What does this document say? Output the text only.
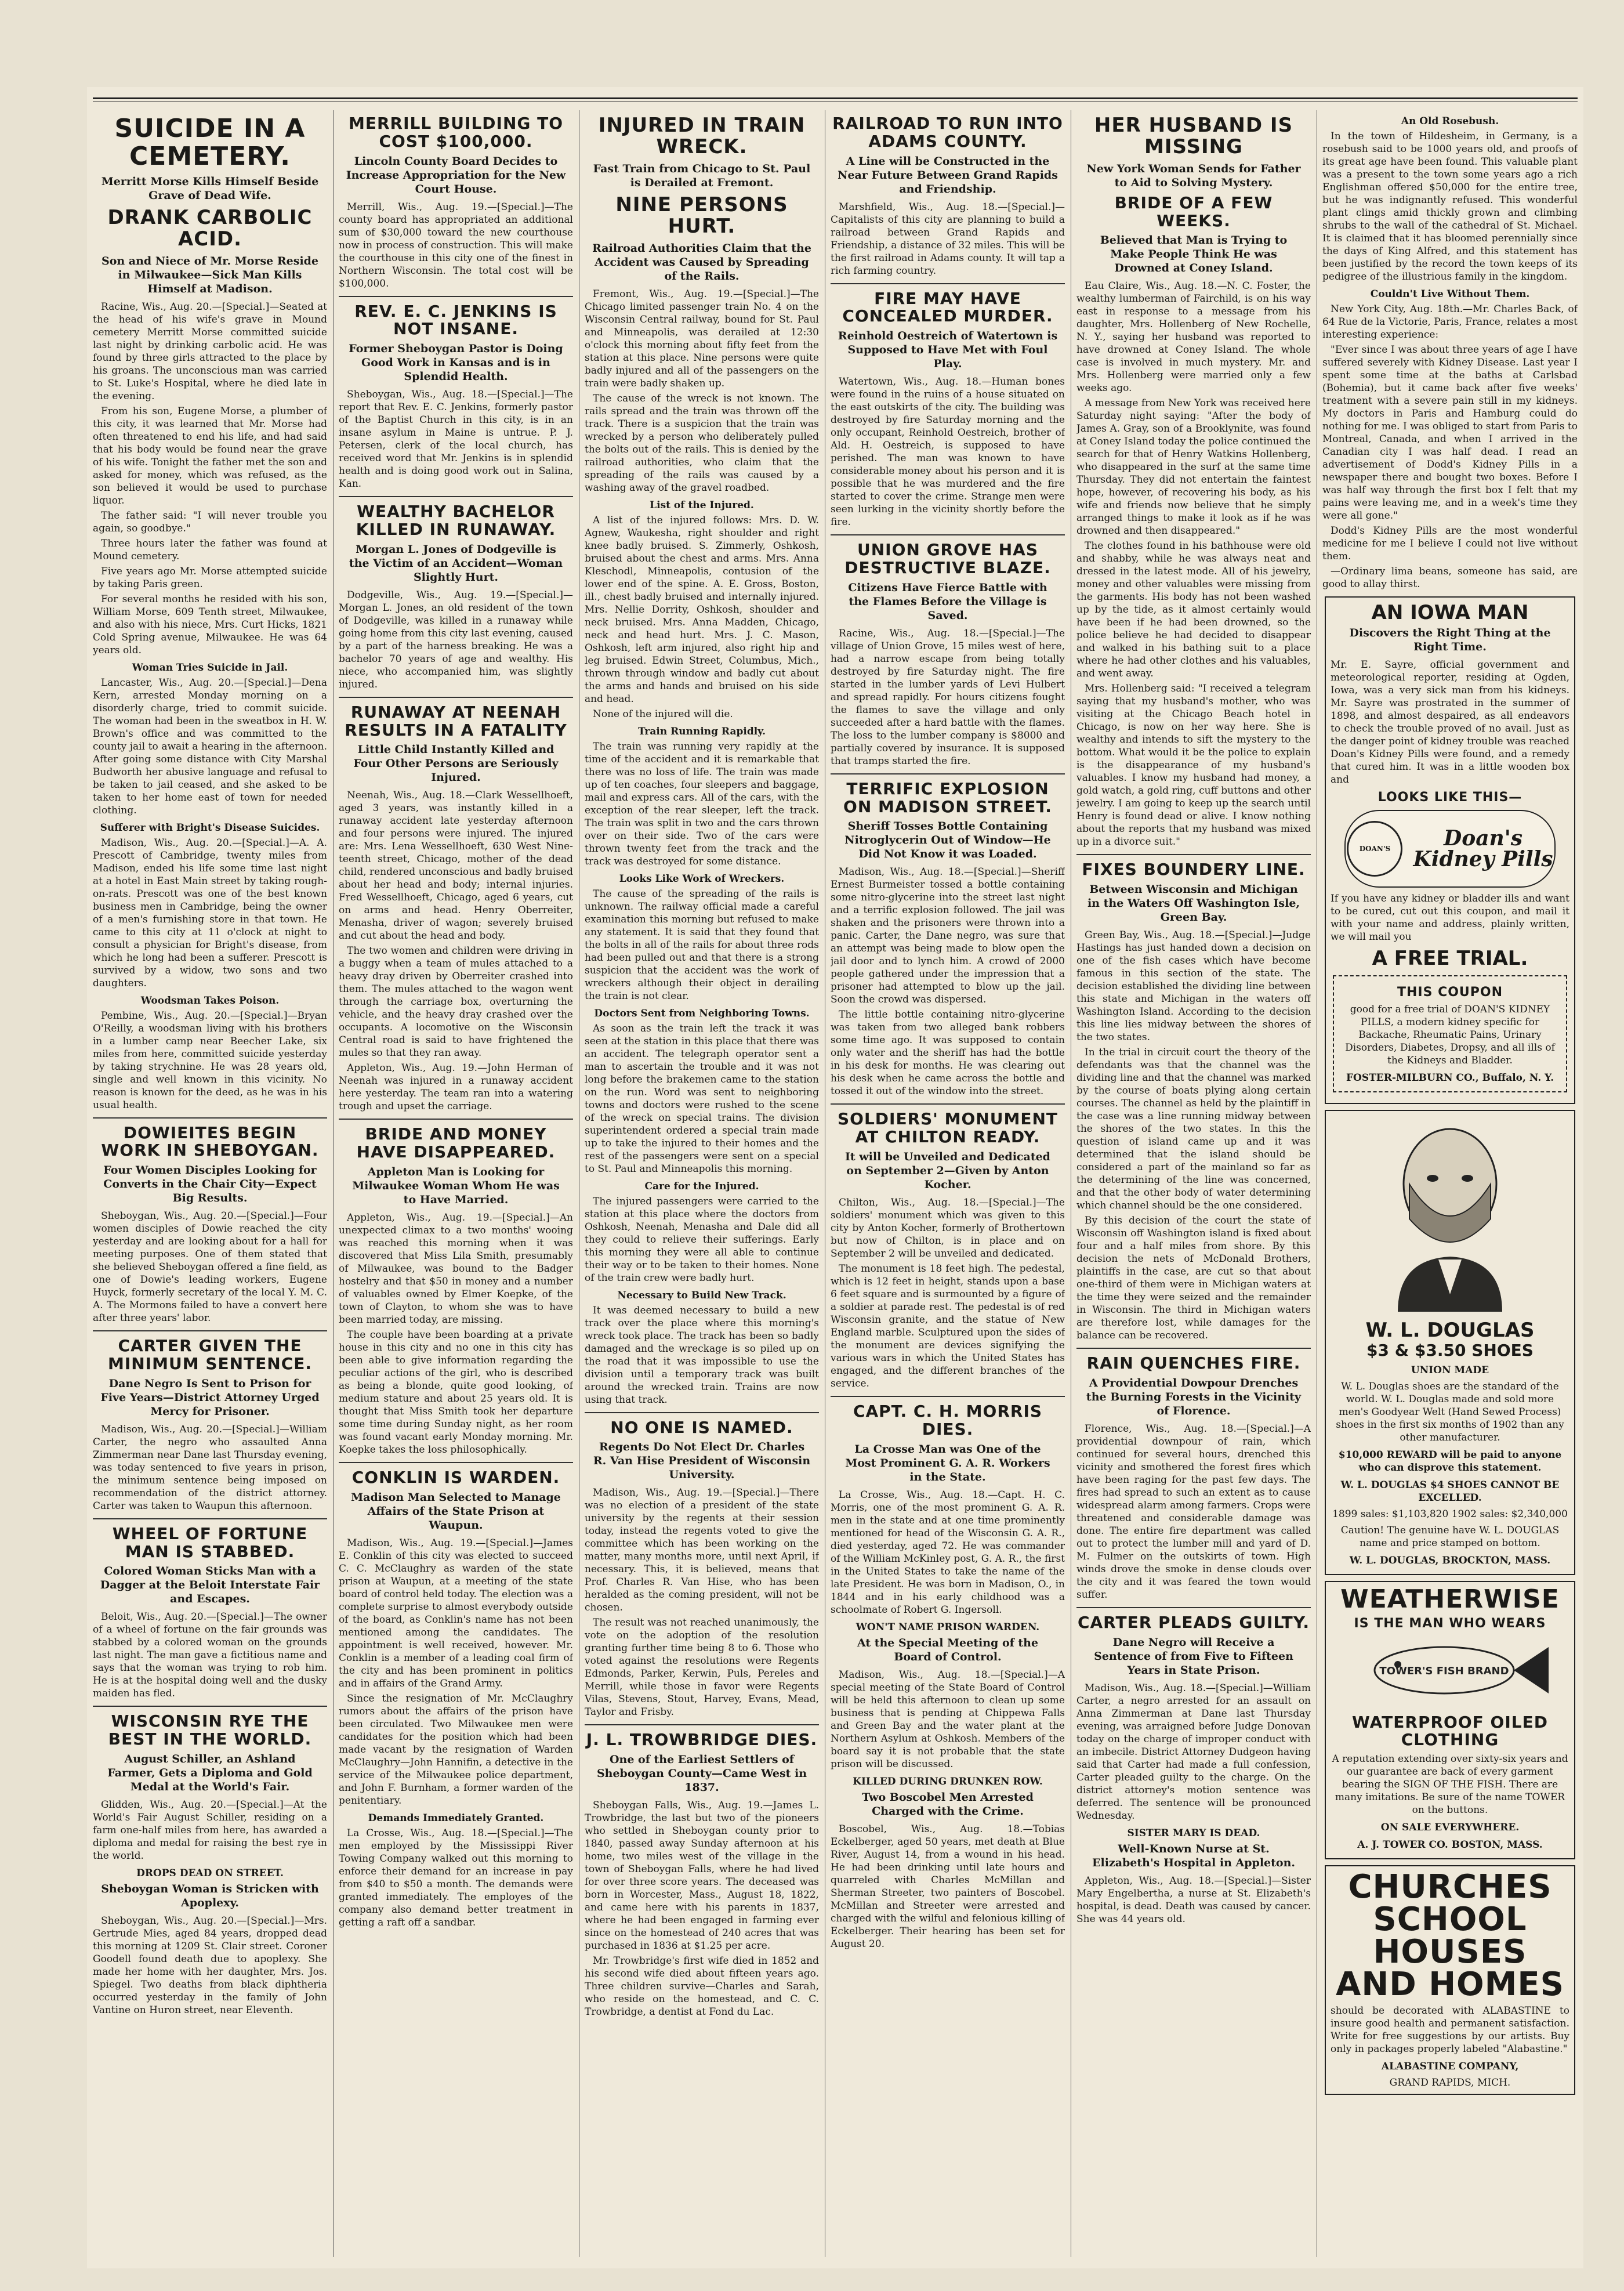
SUICIDE IN A CEMETERY.
Merritt Morse Kills Himself Beside Grave of Dead Wife.
DRANK CARBOLIC ACID.
Son and Niece of Mr. Morse Reside in Milwaukee—Sick Man Kills Himself at Madison.

Racine, Wis., Aug. 20.—[Special.]—Seated at the head of his wife's grave in Mound cemetery Merritt Morse committed suicide last night by drinking carbolic acid. He was found by three girls attracted to the place by his groans. The unconscious man was carried to St. Luke's Hospital, where he died late in the evening.

From his son, Eugene Morse, a plumber of this city, it was learned that Mr. Morse had often threatened to end his life, and had said that his body would be found near the grave of his wife. Tonight the father met the son and asked for money, which was refused, as the son believed it would be used to purchase liquor.

The father said: "I will never trouble you again, so goodbye."

Three hours later the father was found at Mound cemetery.

Five years ago Mr. Morse attempted suicide by taking Paris green.

For several months he resided with his son, William Morse, 609 Tenth street, Milwaukee, and also with his niece, Mrs. Curt Hicks, 1821 Cold Spring avenue, Milwaukee. He was 64 years old.

Woman Tries Suicide in Jail.

Lancaster, Wis., Aug. 20.—[Special.]—Dena Kern, arrested Monday morning on a disorderly charge, tried to commit suicide. The woman had been in the sweatbox in H. W. Brown's office and was committed to the county jail to await a hearing in the afternoon. After going some distance with City Marshal Budworth her abusive language and refusal to be taken to jail ceased, and she asked to be taken to her home east of town for needed clothing.

Sufferer with Bright's Disease Suicides.

Madison, Wis., Aug. 20.—[Special.]—A. A. Prescott of Cambridge, twenty miles from Madison, ended his life some time last night at a hotel in East Main street by taking rough-on-rats. Prescott was one of the best known business men in Cambridge, being the owner of a men's furnishing store in that town. He came to this city at 11 o'clock at night to consult a physician for Bright's disease, from which he long had been a sufferer. Prescott is survived by a widow, two sons and two daughters.

Woodsman Takes Poison.

Pembine, Wis., Aug. 20.—[Special.]—Bryan O'Reilly, a woodsman living with his brothers in a lumber camp near Beecher Lake, six miles from here, committed suicide yesterday by taking strychnine. He was 28 years old, single and well known in this vicinity. No reason is known for the deed, as he was in his usual health.

DOWIEITES BEGIN WORK IN SHEBOYGAN.
Four Women Disciples Looking for Converts in the Chair City—Expect Big Results.

Sheboygan, Wis., Aug. 20.—[Special.]—Four women disciples of Dowie reached the city yesterday and are looking about for a hall for meeting purposes. One of them stated that she believed Sheboygan offered a fine field, as one of Dowie's leading workers, Eugene Huyck, formerly secretary of the local Y. M. C. A. The Mormons failed to have a convert here after three years' labor.

CARTER GIVEN THE MINIMUM SENTENCE.
Dane Negro Is Sent to Prison for Five Years—District Attorney Urged Mercy for Prisoner.

Madison, Wis., Aug. 20.—[Special.]—William Carter, the negro who assaulted Anna Zimmerman near Dane last Thursday evening, was today sentenced to five years in prison, the minimum sentence being imposed on recommendation of the district attorney. Carter was taken to Waupun this afternoon.

WHEEL OF FORTUNE MAN IS STABBED.
Colored Woman Sticks Man with a Dagger at the Beloit Interstate Fair and Escapes.

Beloit, Wis., Aug. 20.—[Special.]—The owner of a wheel of fortune on the fair grounds was stabbed by a colored woman on the grounds last night. The man gave a fictitious name and says that the woman was trying to rob him. He is at the hospital doing well and the dusky maiden has fled.

WISCONSIN RYE THE BEST IN THE WORLD.
August Schiller, an Ashland Farmer, Gets a Diploma and Gold Medal at the World's Fair.

Glidden, Wis., Aug. 20.—[Special.]—At the World's Fair August Schiller, residing on a farm one-half miles from here, has awarded a diploma and medal for raising the best rye in the world.

DROPS DEAD ON STREET.
Sheboygan Woman is Stricken with Apoplexy.

Sheboygan, Wis., Aug. 20.—[Special.]—Mrs. Gertrude Mies, aged 84 years, dropped dead this morning at 1209 St. Clair street. Coroner Goodell found death due to apoplexy. She made her home with her daughter, Mrs. Jos. Spiegel. Two deaths from black diphtheria occurred yesterday in the family of John Vantine on Huron street, near Eleventh.

MERRILL BUILDING TO COST $100,000.
Lincoln County Board Decides to Increase Appropriation for the New Court House.

Merrill, Wis., Aug. 19.—[Special.]—The county board has appropriated an additional sum of $30,000 toward the new courthouse now in process of construction. This will make the courthouse in this city one of the finest in Northern Wisconsin. The total cost will be $100,000.

REV. E. C. JENKINS IS NOT INSANE.
Former Sheboygan Pastor is Doing Good Work in Kansas and is in Splendid Health.

Sheboygan, Wis., Aug. 18.—[Special.]—The report that Rev. E. C. Jenkins, formerly pastor of the Baptist Church in this city, is in an insane asylum in Maine is untrue. P. J. Petersen, clerk of the local church, has received word that Mr. Jenkins is in splendid health and is doing good work out in Salina, Kan.

WEALTHY BACHELOR KILLED IN RUNAWAY.
Morgan L. Jones of Dodgeville is the Victim of an Accident—Woman Slightly Hurt.

Dodgeville, Wis., Aug. 19.—[Special.]—Morgan L. Jones, an old resident of the town of Dodgeville, was killed in a runaway while going home from this city last evening, caused by a part of the harness breaking. He was a bachelor 70 years of age and wealthy. His niece, who accompanied him, was slightly injured.

RUNAWAY AT NEENAH RESULTS IN A FATALITY
Little Child Instantly Killed and Four Other Persons are Seriously Injured.

Neenah, Wis., Aug. 18.—Clark Wessellhoeft, aged 3 years, was instantly killed in a runaway accident late yesterday afternoon and four persons were injured. The injured are: Mrs. Lena Wessellhoeft, 630 West Nine-teenth street, Chicago, mother of the dead child, rendered unconscious and badly bruised about her head and body; internal injuries. Fred Wessellhoeft, Chicago, aged 6 years, cut on arms and head. Henry Oberreiter, Menasha, driver of wagon; severely bruised and cut about the head and body.

The two women and children were driving in a buggy when a team of mules attached to a heavy dray driven by Oberreiter crashed into them. The mules attached to the wagon went through the carriage box, overturning the vehicle, and the heavy dray crashed over the occupants. A locomotive on the Wisconsin Central road is said to have frightened the mules so that they ran away.

Appleton, Wis., Aug. 19.—John Herman of Neenah was injured in a runaway accident here yesterday. The team ran into a watering trough and upset the carriage.

BRIDE AND MONEY HAVE DISAPPEARED.
Appleton Man is Looking for Milwaukee Woman Whom He was to Have Married.

Appleton, Wis., Aug. 19.—[Special.]—An unexpected climax to a two months' wooing was reached this morning when it was discovered that Miss Lila Smith, presumably of Milwaukee, was bound to the Badger hostelry and that $50 in money and a number of valuables owned by Elmer Koepke, of the town of Clayton, to whom she was to have been married today, are missing.

The couple have been boarding at a private house in this city and no one in this city has been able to give information regarding the peculiar actions of the girl, who is described as being a blonde, quite good looking, of medium stature and about 25 years old. It is thought that Miss Smith took her departure some time during Sunday night, as her room was found vacant early Monday morning. Mr. Koepke takes the loss philosophically.

CONKLIN IS WARDEN.
Madison Man Selected to Manage Affairs of the State Prison at Waupun.

Madison, Wis., Aug. 19.—[Special.]—James E. Conklin of this city was elected to succeed C. C. McClaughry as warden of the state prison at Waupun, at a meeting of the state board of control held today. The election was a complete surprise to almost everybody outside of the board, as Conklin's name has not been mentioned among the candidates. The appointment is well received, however. Mr. Conklin is a member of a leading coal firm of the city and has been prominent in politics and in affairs of the Grand Army.

Since the resignation of Mr. McClaughry rumors about the affairs of the prison have been circulated. Two Milwaukee men were candidates for the position which had been made vacant by the resignation of Warden McClaughry—John Hannifin, a detective in the service of the Milwaukee police department, and John F. Burnham, a former warden of the penitentiary.

Demands Immediately Granted.

La Crosse, Wis., Aug. 18.—[Special.]—The men employed by the Mississippi River Towing Company walked out this morning to enforce their demand for an increase in pay from $40 to $50 a month. The demands were granted immediately. The employes of the company also demand better treatment in getting a raft off a sandbar.

INJURED IN TRAIN WRECK.
Fast Train from Chicago to St. Paul is Derailed at Fremont.
NINE PERSONS HURT.
Railroad Authorities Claim that the Accident was Caused by Spreading of the Rails.

Fremont, Wis., Aug. 19.—[Special.]—The Chicago limited passenger train No. 4 on the Wisconsin Central railway, bound for St. Paul and Minneapolis, was derailed at 12:30 o'clock this morning about fifty feet from the station at this place. Nine persons were quite badly injured and all of the passengers on the train were badly shaken up.

The cause of the wreck is not known. The rails spread and the train was thrown off the track. There is a suspicion that the train was wrecked by a person who deliberately pulled the bolts out of the rails. This is denied by the railroad authorities, who claim that the spreading of the rails was caused by a washing away of the gravel roadbed.

List of the Injured.

A list of the injured follows: Mrs. D. W. Agnew, Waukesha, right shoulder and right knee badly bruised. S. Zimmerly, Oshkosh, bruised about the chest and arms. Mrs. Anna Kleschodl, Minneapolis, contusion of the lower end of the spine. A. E. Gross, Boston, ill., chest badly bruised and internally injured. Mrs. Nellie Dorrity, Oshkosh, shoulder and neck bruised. Mrs. Anna Madden, Chicago, neck and head hurt. Mrs. J. C. Mason, Oshkosh, left arm injured, also right hip and leg bruised. Edwin Street, Columbus, Mich., thrown through window and badly cut about the arms and hands and bruised on his side and head.

None of the injured will die.

Train Running Rapidly.

The train was running very rapidly at the time of the accident and it is remarkable that there was no loss of life. The train was made up of ten coaches, four sleepers and baggage, mail and express cars. All of the cars, with the exception of the rear sleeper, left the track. The train was split in two and the cars thrown over on their side. Two of the cars were thrown twenty feet from the track and the track was destroyed for some distance.

Looks Like Work of Wreckers.

The cause of the spreading of the rails is unknown. The railway official made a careful examination this morning but refused to make any statement. It is said that they found that the bolts in all of the rails for about three rods had been pulled out and that there is a strong suspicion that the accident was the work of wreckers although their object in derailing the train is not clear.

Doctors Sent from Neighboring Towns.

As soon as the train left the track it was seen at the station in this place that there was an accident. The telegraph operator sent a man to ascertain the trouble and it was not long before the brakemen came to the station on the run. Word was sent to neighboring towns and doctors were rushed to the scene of the wreck on special trains. The division superintendent ordered a special train made up to take the injured to their homes and the rest of the passengers were sent on a special to St. Paul and Minneapolis this morning.

Care for the Injured.

The injured passengers were carried to the station at this place where the doctors from Oshkosh, Neenah, Menasha and Dale did all they could to relieve their sufferings. Early this morning they were all able to continue their way or to be taken to their homes. None of the train crew were badly hurt.

Necessary to Build New Track.

It was deemed necessary to build a new track over the place where this morning's wreck took place. The track has been so badly damaged and the wreckage is so piled up on the road that it was impossible to use the division until a temporary track was built around the wrecked train. Trains are now using that track.

NO ONE IS NAMED.
Regents Do Not Elect Dr. Charles R. Van Hise President of Wisconsin University.

Madison, Wis., Aug. 19.—[Special.]—There was no election of a president of the state university by the regents at their session today, instead the regents voted to give the committee which has been working on the matter, many months more, until next April, if necessary. This, it is believed, means that Prof. Charles R. Van Hise, who has been heralded as the coming president, will not be chosen.

The result was not reached unanimously, the vote on the adoption of the resolution granting further time being 8 to 6. Those who voted against the resolutions were Regents Edmonds, Parker, Kerwin, Puls, Pereles and Merrill, while those in favor were Regents Vilas, Stevens, Stout, Harvey, Evans, Mead, Taylor and Frisby.

J. L. TROWBRIDGE DIES.
One of the Earliest Settlers of Sheboygan County—Came West in 1837.

Sheboygan Falls, Wis., Aug. 19.—James L. Trowbridge, the last but two of the pioneers who settled in Sheboygan county prior to 1840, passed away Sunday afternoon at his home, two miles west of the village in the town of Sheboygan Falls, where he had lived for over three score years. The deceased was born in Worcester, Mass., August 18, 1822, and came here with his parents in 1837, where he had been engaged in farming ever since on the homestead of 240 acres that was purchased in 1836 at $1.25 per acre.

Mr. Trowbridge's first wife died in 1852 and his second wife died about fifteen years ago. Three children survive—Charles and Sarah, who reside on the homestead, and C. C. Trowbridge, a dentist at Fond du Lac.

RAILROAD TO RUN INTO ADAMS COUNTY.
A Line will be Constructed in the Near Future Between Grand Rapids and Friendship.

Marshfield, Wis., Aug. 18.—[Special.]—Capitalists of this city are planning to build a railroad between Grand Rapids and Friendship, a distance of 32 miles. This will be the first railroad in Adams county. It will tap a rich farming country.

FIRE MAY HAVE CONCEALED MURDER.
Reinhold Oestreich of Watertown is Supposed to Have Met with Foul Play.

Watertown, Wis., Aug. 18.—Human bones were found in the ruins of a house situated on the east outskirts of the city. The building was destroyed by fire Saturday morning and the only occupant, Reinhold Oestreich, brother of Ald. H. Oestreich, is supposed to have perished. The man was known to have considerable money about his person and it is possible that he was murdered and the fire started to cover the crime. Strange men were seen lurking in the vicinity shortly before the fire.

UNION GROVE HAS DESTRUCTIVE BLAZE.
Citizens Have Fierce Battle with the Flames Before the Village is Saved.

Racine, Wis., Aug. 18.—[Special.]—The village of Union Grove, 15 miles west of here, had a narrow escape from being totally destroyed by fire Saturday night. The fire started in the lumber yards of Levi Hulbert and spread rapidly. For hours citizens fought the flames to save the village and only succeeded after a hard battle with the flames. The loss to the lumber company is $8000 and partially covered by insurance. It is supposed that tramps started the fire.

TERRIFIC EXPLOSION ON MADISON STREET.
Sheriff Tosses Bottle Containing Nitroglycerin Out of Window—He Did Not Know it was Loaded.

Madison, Wis., Aug. 18.—[Special.]—Sheriff Ernest Burmeister tossed a bottle containing some nitro-glycerine into the street last night and a terrific explosion followed. The jail was shaken and the prisoners were thrown into a panic. Carter, the Dane negro, was sure that an attempt was being made to blow open the jail door and to lynch him. A crowd of 2000 people gathered under the impression that a prisoner had attempted to blow up the jail. Soon the crowd was dispersed.

The little bottle containing nitro-glycerine was taken from two alleged bank robbers some time ago. It was supposed to contain only water and the sheriff has had the bottle in his desk for months. He was clearing out his desk when he came across the bottle and tossed it out of the window into the street.

SOLDIERS' MONUMENT AT CHILTON READY.
It will be Unveiled and Dedicated on September 2—Given by Anton Kocher.

Chilton, Wis., Aug. 18.—[Special.]—The soldiers' monument which was given to this city by Anton Kocher, formerly of Brothertown but now of Chilton, is in place and on September 2 will be unveiled and dedicated.

The monument is 18 feet high. The pedestal, which is 12 feet in height, stands upon a base 6 feet square and is surmounted by a figure of a soldier at parade rest. The pedestal is of red Wisconsin granite, and the statue of New England marble. Sculptured upon the sides of the monument are devices signifying the various wars in which the United States has engaged, and the different branches of the service.

CAPT. C. H. MORRIS DIES.
La Crosse Man was One of the Most Prominent G. A. R. Workers in the State.

La Crosse, Wis., Aug. 18.—Capt. H. C. Morris, one of the most prominent G. A. R. men in the state and at one time prominently mentioned for head of the Wisconsin G. A. R., died yesterday, aged 72. He was commander of the William McKinley post, G. A. R., the first in the United States to take the name of the late President. He was born in Madison, O., in 1844 and in his early childhood was a schoolmate of Robert G. Ingersoll.

WON'T NAME PRISON WARDEN.
At the Special Meeting of the Board of Control.

Madison, Wis., Aug. 18.—[Special.]—A special meeting of the State Board of Control will be held this afternoon to clean up some business that is pending at Chippewa Falls and Green Bay and the water plant at the Northern Asylum at Oshkosh. Members of the board say it is not probable that the state prison will be discussed.

KILLED DURING DRUNKEN ROW.
Two Boscobel Men Arrested Charged with the Crime.

Boscobel, Wis., Aug. 18.—Tobias Eckelberger, aged 50 years, met death at Blue River, August 14, from a wound in his head. He had been drinking until late hours and quarreled with Charles McMillan and Sherman Streeter, two painters of Boscobel. McMillan and Streeter were arrested and charged with the wilful and felonious killing of Eckelberger. Their hearing has been set for August 20.

HER HUSBAND IS MISSING
New York Woman Sends for Father to Aid to Solving Mystery.
BRIDE OF A FEW WEEKS.
Believed that Man is Trying to Make People Think He was Drowned at Coney Island.

Eau Claire, Wis., Aug. 18.—N. C. Foster, the wealthy lumberman of Fairchild, is on his way east in response to a message from his daughter, Mrs. Hollenberg of New Rochelle, N. Y., saying her husband was reported to have drowned at Coney Island. The whole case is involved in much mystery. Mr. and Mrs. Hollenberg were married only a few weeks ago.

A message from New York was received here Saturday night saying: "After the body of James A. Gray, son of a Brooklynite, was found at Coney Island today the police continued the search for that of Henry Watkins Hollenberg, who disappeared in the surf at the same time Thursday. They did not entertain the faintest hope, however, of recovering his body, as his wife and friends now believe that he simply arranged things to make it look as if he was drowned and then disappeared."

The clothes found in his bathhouse were old and shabby, while he was always neat and dressed in the latest mode. All of his jewelry, money and other valuables were missing from the garments. His body has not been washed up by the tide, as it almost certainly would have been if he had been drowned, so the police believe he had decided to disappear and walked in his bathing suit to a place where he had other clothes and his valuables, and went away.

Mrs. Hollenberg said: "I received a telegram saying that my husband's mother, who was visiting at the Chicago Beach hotel in Chicago, is now on her way here. She is wealthy and intends to sift the mystery to the bottom. What would it be the police to explain is the disappearance of my husband's valuables. I know my husband had money, a gold watch, a gold ring, cuff buttons and other jewelry. I am going to keep up the search until Henry is found dead or alive. I know nothing about the reports that my husband was mixed up in a divorce suit."

FIXES BOUNDERY LINE.
Between Wisconsin and Michigan in the Waters Off Washington Isle, Green Bay.

Green Bay, Wis., Aug. 18.—[Special.]—Judge Hastings has just handed down a decision on one of the fish cases which have become famous in this section of the state. The decision established the dividing line between this state and Michigan in the waters off Washington Island. According to the decision this line lies midway between the shores of the two states.

In the trial in circuit court the theory of the defendants was that the channel was the dividing line and that the channel was marked by the course of boats plying along certain courses. The channel as held by the plaintiff in the case was a line running midway between the shores of the two states. In this the question of island came up and it was determined that the island should be considered a part of the mainland so far as the determining of the line was concerned, and that the other body of water determining which channel should be the one considered.

By this decision of the court the state of Wisconsin off Washington island is fixed about four and a half miles from shore. By this decision the nets of McDonald Brothers, plaintiffs in the case, are cut so that about one-third of them were in Michigan waters at the time they were seized and the remainder in Wisconsin. The third in Michigan waters are therefore lost, while damages for the balance can be recovered.

RAIN QUENCHES FIRE.
A Providential Dowpour Drenches the Burning Forests in the Vicinity of Florence.

Florence, Wis., Aug. 18.—[Special.]—A providential downpour of rain, which continued for several hours, drenched this vicinity and smothered the forest fires which have been raging for the past few days. The fires had spread to such an extent as to cause widespread alarm among farmers. Crops were threatened and considerable damage was done. The entire fire department was called out to protect the lumber mill and yard of D. M. Fulmer on the outskirts of town. High winds drove the smoke in dense clouds over the city and it was feared the town would suffer.

CARTER PLEADS GUILTY.
Dane Negro will Receive a Sentence of from Five to Fifteen Years in State Prison.

Madison, Wis., Aug. 18.—[Special.]—William Carter, a negro arrested for an assault on Anna Zimmerman at Dane last Thursday evening, was arraigned before Judge Donovan today on the charge of improper conduct with an imbecile. District Attorney Dudgeon having said that Carter had made a full confession, Carter pleaded guilty to the charge. On the district attorney's motion sentence was deferred. The sentence will be pronounced Wednesday.

SISTER MARY IS DEAD.
Well-Known Nurse at St. Elizabeth's Hospital in Appleton.

Appleton, Wis., Aug. 18.—[Special.]—Sister Mary Engelbertha, a nurse at St. Elizabeth's hospital, is dead. Death was caused by cancer. She was 44 years old.

An Old Rosebush.

In the town of Hildesheim, in Germany, is a rosebush said to be 1000 years old, and proofs of its great age have been found. This valuable plant was a present to the town some years ago a rich Englishman offered $50,000 for the entire tree, but he was indignantly refused. This wonderful plant clings amid thickly grown and climbing shrubs to the wall of the cathedral of St. Michael. It is claimed that it has bloomed perennially since the days of King Alfred, and this statement has been justified by the record the town keeps of its pedigree of the illustrious family in the kingdom.

Couldn't Live Without Them.

New York City, Aug. 18th.—Mr. Charles Back, of 64 Rue de la Victorie, Paris, France, relates a most interesting experience:

"Ever since I was about three years of age I have suffered severely with Kidney Disease. Last year I spent some time at the baths at Carlsbad (Bohemia), but it came back after five weeks' treatment with a severe pain still in my kidneys. My doctors in Paris and Hamburg could do nothing for me. I was obliged to start from Paris to Montreal, Canada, and when I arrived in the Canadian city I was half dead. I read an advertisement of Dodd's Kidney Pills in a newspaper there and bought two boxes. Before I was half way through the first box I felt that my pains were leaving me, and in a week's time they were all gone."

Dodd's Kidney Pills are the most wonderful medicine for me I believe I could not live without them.

—Ordinary lima beans, someone has said, are good to allay thirst.

AN IOWA MAN
Discovers the Right Thing at the Right Time.
Mr. E. Sayre, official government and meteorological reporter, residing at Ogden, Iowa, was a very sick man from his kidneys. Mr. Sayre was prostrated in the summer of 1898, and almost despaired, as all endeavors to check the trouble proved of no avail. Just as the danger point of kidney trouble was reached Doan's Kidney Pills were found, and a remedy that cured him. It was in a little wooden box and
LOOKS LIKE THIS—
DOAN'S	Doan's
Kidney Pills
If you have any kidney or bladder ills and want to be cured, cut out this coupon, and mail it with your name and address, plainly written, we will mail you
A FREE TRIAL.
THIS COUPON
good for a free trial of DOAN'S KIDNEY PILLS, a modern kidney specific for Backache, Rheumatic Pains, Urinary Disorders, Diabetes, Dropsy, and all ills of the Kidneys and Bladder.
FOSTER-MILBURN CO., Buffalo, N. Y.
W. L. DOUGLAS
$3 & $3.50 SHOES
UNION MADE
W. L. Douglas shoes are the standard of the world. W. L. Douglas made and sold more men's Goodyear Welt (Hand Sewed Process) shoes in the first six months of 1902 than any other manufacturer.
$10,000 REWARD will be paid to anyone who can disprove this statement.
W. L. DOUGLAS $4 SHOES CANNOT BE EXCELLED.
1899 sales: $1,103,820 1902 sales: $2,340,000
Caution! The genuine have W. L. DOUGLAS name and price stamped on bottom.
W. L. DOUGLAS, BROCKTON, MASS.
WEATHERWISE
IS THE MAN WHO WEARS
TOWER'S FISH BRAND
WATERPROOF OILED CLOTHING
A reputation extending over sixty-six years and our guarantee are back of every garment bearing the SIGN OF THE FISH. There are many imitations. Be sure of the name TOWER on the buttons.
ON SALE EVERYWHERE.
A. J. TOWER CO. BOSTON, MASS.
CHURCHES
SCHOOL HOUSES
AND HOMES
should be decorated with ALABASTINE to insure good health and permanent satisfaction. Write for free suggestions by our artists. Buy only in packages properly labeled "Alabastine."
ALABASTINE COMPANY,
GRAND RAPIDS, MICH.
